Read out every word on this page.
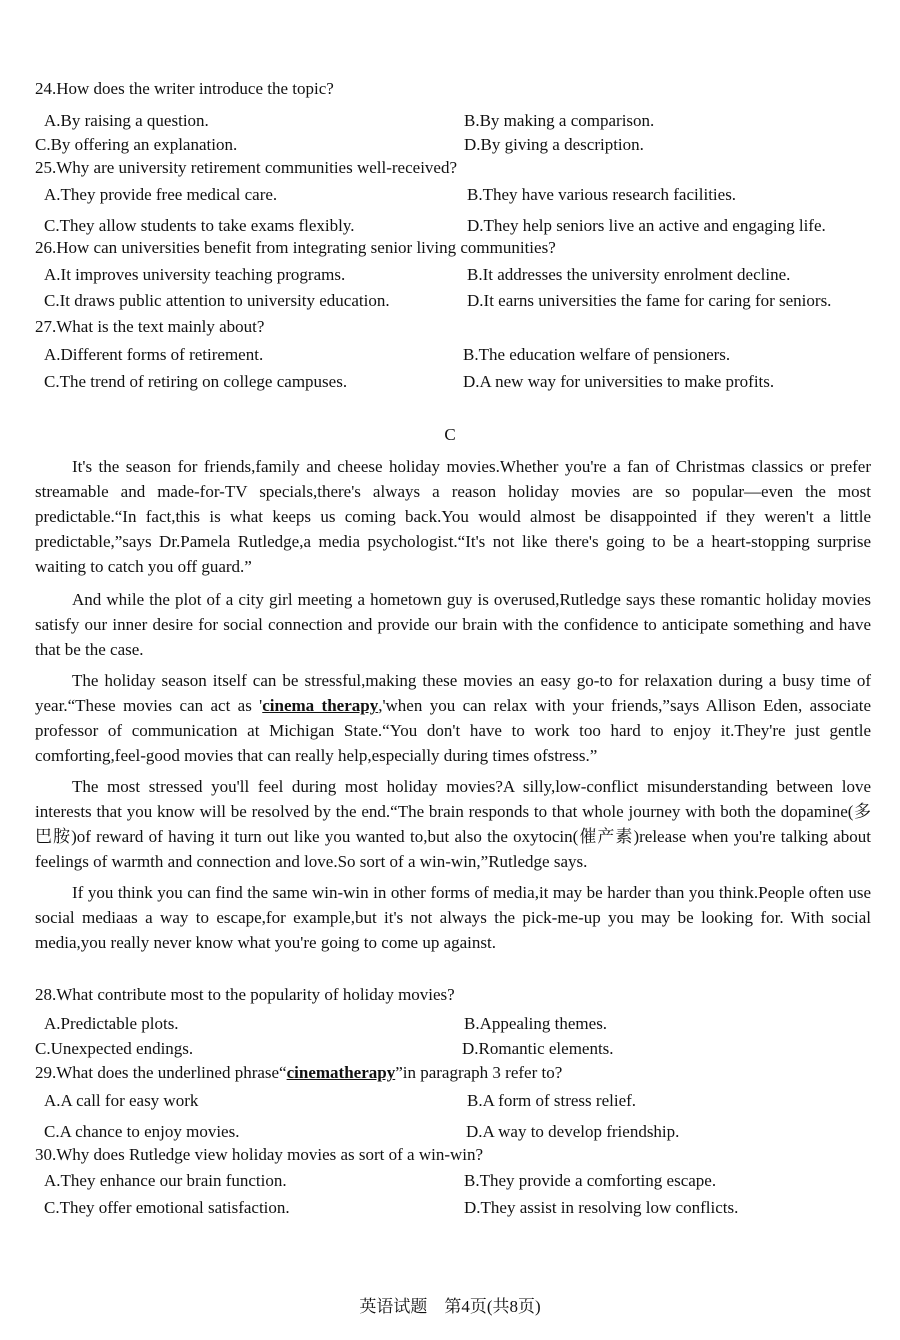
24.How does the writer introduce the topic?
A.By raising a question.	B.By making a comparison.
C.By offering an explanation.	D.By giving a description.
25.Why are university retirement communities well-received?
A.They provide free medical care.	B.They have various research facilities.
C.They allow students to take exams flexibly.	D.They help seniors live an active and engaging life.
26.How can universities benefit from integrating senior living communities?
A.It improves university teaching programs.	B.It addresses the university enrolment decline.
C.It draws public attention to university education.	D.It earns universities the fame for caring for seniors.
27.What is the text mainly about?
A.Different forms of retirement.	B.The education welfare of pensioners.
C.The trend of retiring on college campuses.	D.A new way for universities to make profits.
C

It's the season for friends,family and cheese holiday movies.Whether you're a fan of Christmas classics or prefer streamable and made-for-TV specials,there's always a reason holiday movies are so popular—even the most predictable.“In fact,this is what keeps us coming back.You would almost be disappointed if they weren't a little predictable,”says Dr.Pamela Rutledge,a media psychologist.“It's not like there's going to be a heart-stopping surprise waiting to catch you off guard.”

And while the plot of a city girl meeting a hometown guy is overused,Rutledge says these romantic holiday movies satisfy our inner desire for social connection and provide our brain with the confidence to anticipate something and have that be the case.

The holiday season itself can be stressful,making these movies an easy go-to for relaxation during a busy time of year.“These movies can act as 'cinema therapy,'when you can relax with your friends,”says Allison Eden, associate professor of communication at Michigan State.“You don't have to work too hard to enjoy it.They're just gentle comforting,feel-good movies that can really help,especially during times ofstress.”

The most stressed you'll feel during most holiday movies?A silly,low-conflict misunderstanding between love interests that you know will be resolved by the end.“The brain responds to that whole journey with both the dopamine(多巴胺)of reward of having it turn out like you wanted to,but also the oxytocin(催产素)release when you're talking about feelings of warmth and connection and love.So sort of a win-win,”Rutledge says.

If you think you can find the same win-win in other forms of media,it may be harder than you think.People often use social mediaas a way to escape,for example,but it's not always the pick-me-up you may be looking for. With social media,you really never know what you're going to come up against.

28.What contribute most to the popularity of holiday movies?
A.Predictable plots.	B.Appealing themes.
C.Unexpected endings.	D.Romantic elements.
29.What does the underlined phrase“cinematherapy”in paragraph 3 refer to?
A.A call for easy work	B.A form of stress relief.
C.A chance to enjoy movies.	D.A way to develop friendship.
30.Why does Rutledge view holiday movies as sort of a win-win?
A.They enhance our brain function.	B.They provide a comforting escape.
C.They offer emotional satisfaction.	D.They assist in resolving low conflicts.
英语试题　第4页(共8页)
